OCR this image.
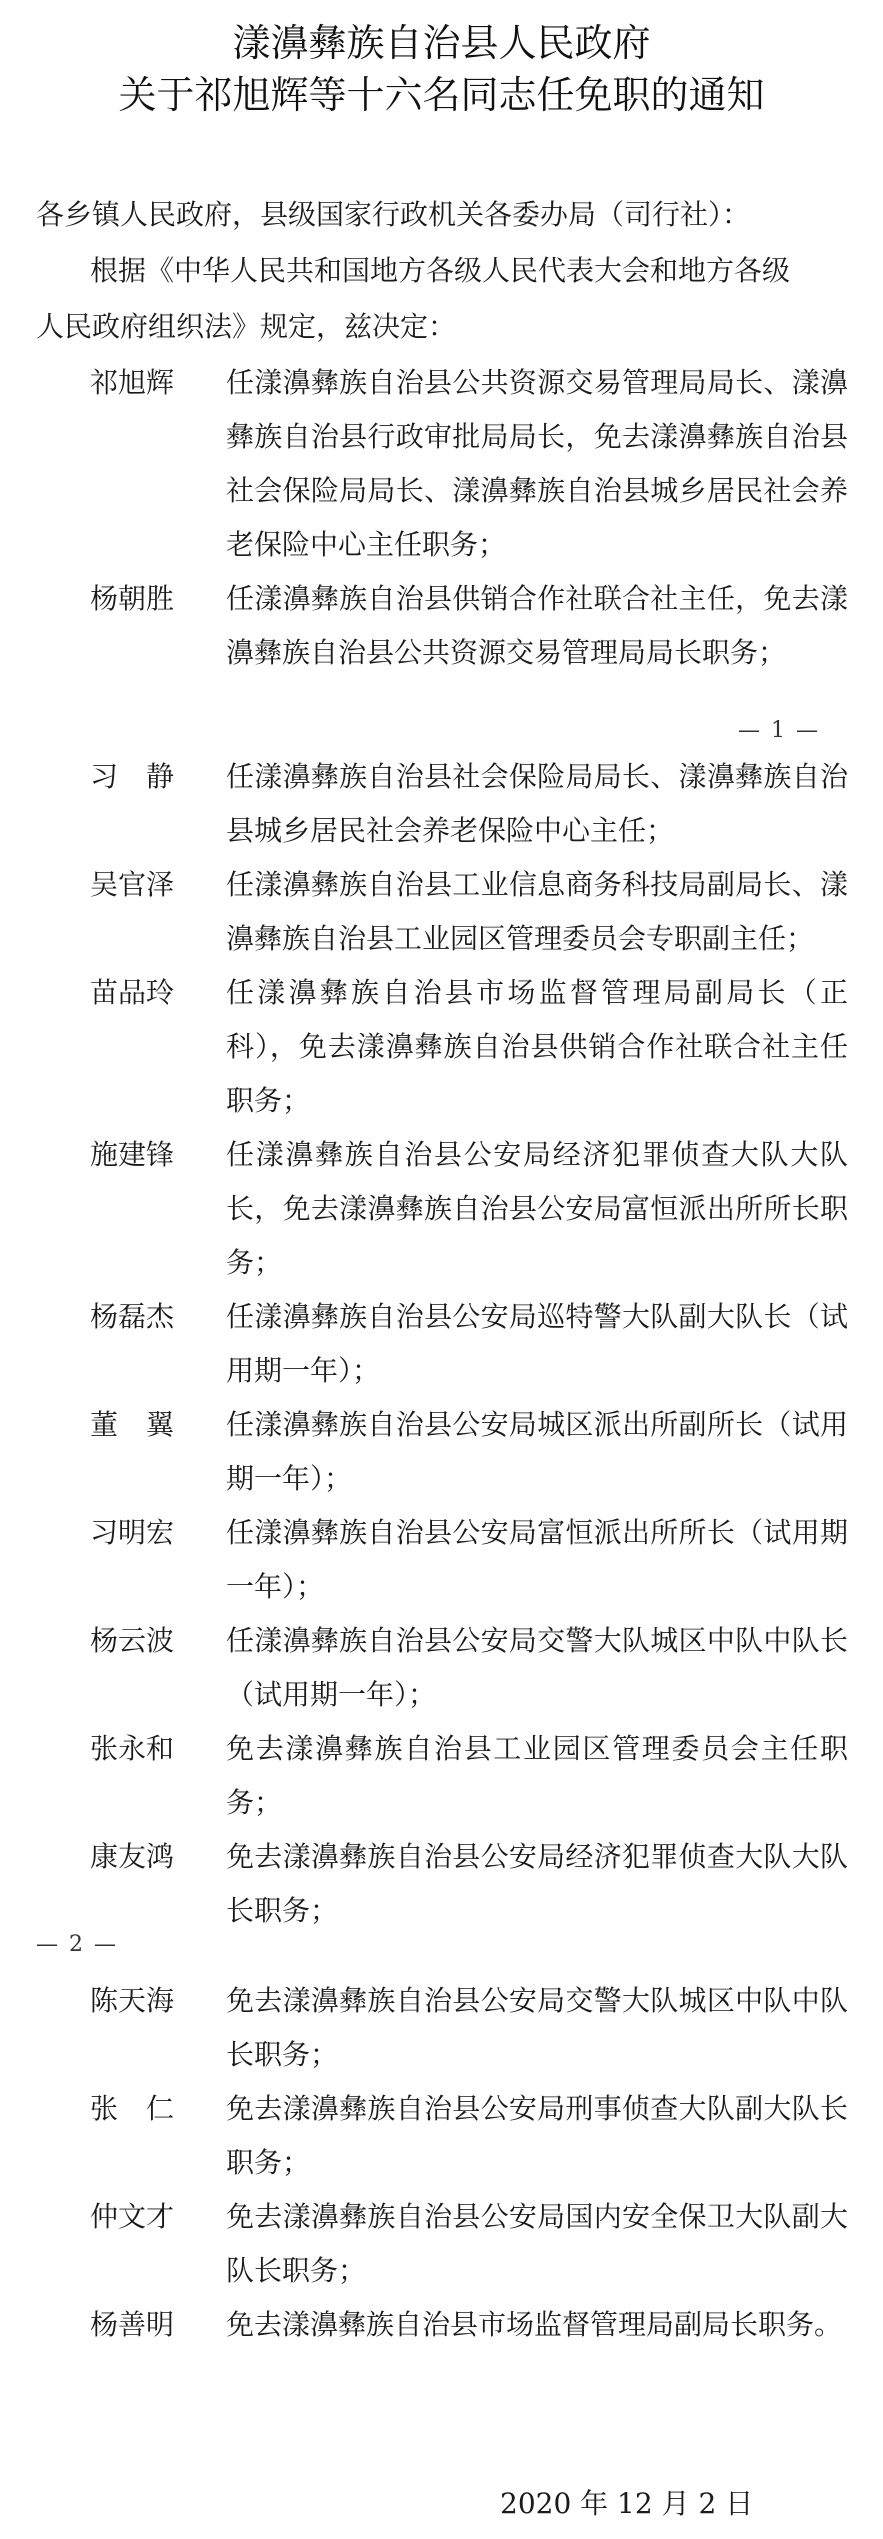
漾濞彝族自治县人民政府
关于祁旭辉等十六名同志任免职的通知
各乡镇人民政府，县级国家行政机关各委办局（司行社）：
根据《中华人民共和国地方各级人民代表大会和地方各级
人民政府组织法》规定，兹决定：
祁旭辉	任漾濞彝族自治县公共资源交易管理局局长、漾濞彝族自治县行政审批局局长，免去漾濞彝族自治县社会保险局局长、漾濞彝族自治县城乡居民社会养老保险中心主任职务；
杨朝胜	任漾濞彝族自治县供销合作社联合社主任，免去漾濞彝族自治县公共资源交易管理局局长职务；
习　静	任漾濞彝族自治县社会保险局局长、漾濞彝族自治县城乡居民社会养老保险中心主任；
吴官泽	任漾濞彝族自治县工业信息商务科技局副局长、漾濞彝族自治县工业园区管理委员会专职副主任；
苗品玲	任漾濞彝族自治县市场监督管理局副局长（正科），免去漾濞彝族自治县供销合作社联合社主任职务；
施建锋	任漾濞彝族自治县公安局经济犯罪侦查大队大队长，免去漾濞彝族自治县公安局富恒派出所所长职务；
杨磊杰	任漾濞彝族自治县公安局巡特警大队副大队长（试用期一年）；
董　翼	任漾濞彝族自治县公安局城区派出所副所长（试用期一年）；
习明宏	任漾濞彝族自治县公安局富恒派出所所长（试用期一年）；
杨云波	任漾濞彝族自治县公安局交警大队城区中队中队长（试用期一年）；
张永和	免去漾濞彝族自治县工业园区管理委员会主任职务；
康友鸿	免去漾濞彝族自治县公安局经济犯罪侦查大队大队长职务；
陈天海	免去漾濞彝族自治县公安局交警大队城区中队中队长职务；
张　仁	免去漾濞彝族自治县公安局刑事侦查大队副大队长职务；
仲文才	免去漾濞彝族自治县公安局国内安全保卫大队副大队长职务；
杨善明	免去漾濞彝族自治县市场监督管理局副局长职务。
— 1 —
— 2 —
2020 年 12 月 2 日
